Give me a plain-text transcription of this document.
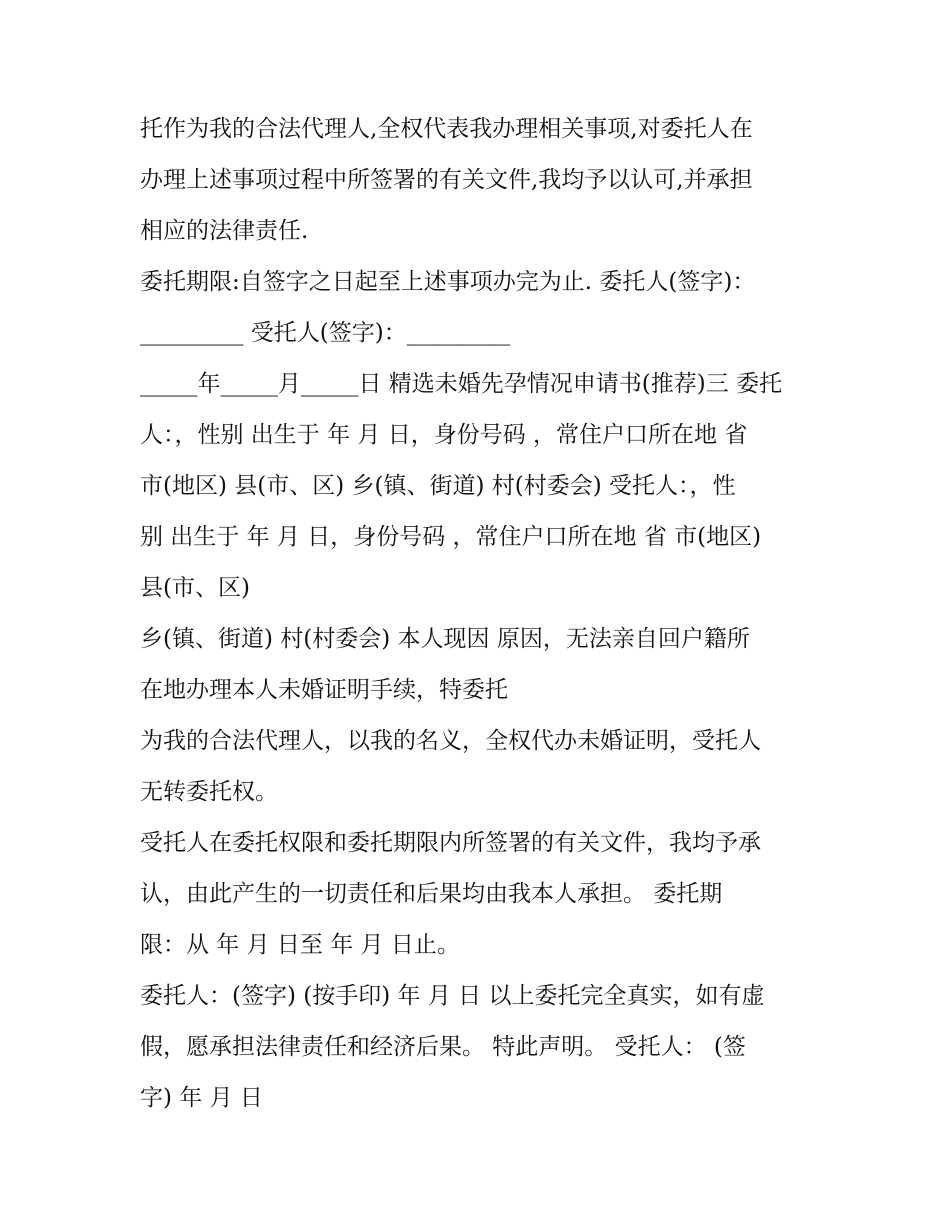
托作为我的合法代理人,全权代表我办理相关事项,对委托人在
办理上述事项过程中所签署的有关文件,我均予以认可,并承担
相应的法律责任.
委托期限:自签字之日起至上述事项办完为止. 委托人(签字)：
_________ 受托人(签字)：_________
_____年_____月_____日 精选未婚先孕情况申请书(推荐)三 委托
人：，性别 出生于 年 月 日，身份号码 ，常住户口所在地 省
市(地区) 县(市、区) 乡(镇、街道) 村(村委会) 受托人：，性
别 出生于 年 月 日，身份号码 ，常住户口所在地 省 市(地区)
县(市、区)
乡(镇、街道) 村(村委会) 本人现因 原因，无法亲自回户籍所
在地办理本人未婚证明手续，特委托
为我的合法代理人，以我的名义，全权代办未婚证明，受托人
无转委托权。
受托人在委托权限和委托期限内所签署的有关文件，我均予承
认，由此产生的一切责任和后果均由我本人承担。 委托期
限：从 年 月 日至 年 月 日止。
委托人：(签字) (按手印) 年 月 日 以上委托完全真实，如有虚
假，愿承担法律责任和经济后果。 特此声明。 受托人： (签
字) 年 月 日
